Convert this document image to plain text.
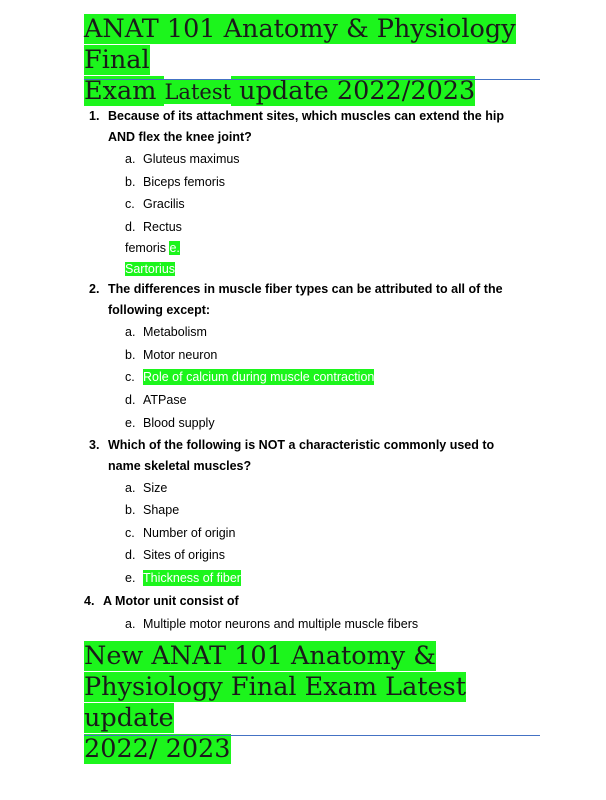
ANAT 101 Anatomy & Physiology Final
Exam Latest update 2022/2023
1. Because of its attachment sites, which muscles can extend the hip AND flex the knee joint?
a. Gluteus maximus
b. Biceps femoris
c. Gracilis
d. Rectus
femoris e.
Sartorius
2. The differences in muscle fiber types can be attributed to all of the following except:
a. Metabolism
b. Motor neuron
c. Role of calcium during muscle contraction
d. ATPase
e. Blood supply
3. Which of the following is NOT a characteristic commonly used to name skeletal muscles?
a. Size
b. Shape
c. Number of origin
d. Sites of origins
e. Thickness of fiber
4. A Motor unit consist of
a. Multiple motor neurons and multiple muscle fibers
New ANAT 101 Anatomy &
Physiology Final Exam Latest update
2022/ 2023
